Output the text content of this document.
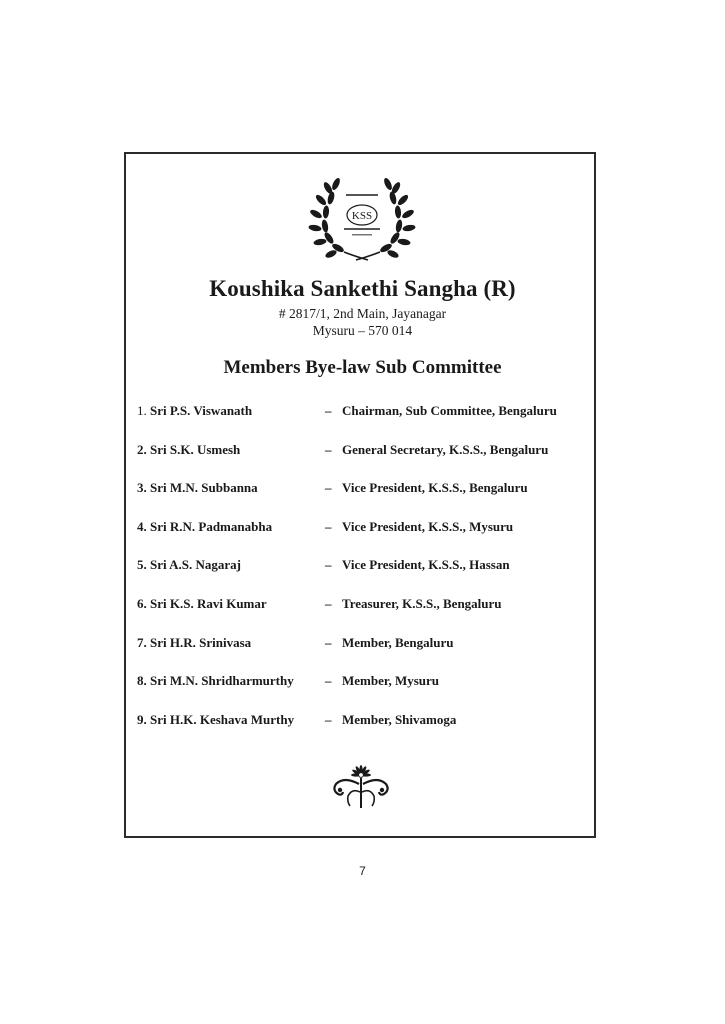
KSS
Koushika Sankethi Sangha (R)
# 2817/1, 2nd Main, Jayanagar
Mysuru – 570 014
Members Bye-law Sub Committee
1. Sri P.S. Viswanath	– Chairman, Sub Committee, Bengaluru
2. Sri S.K. Usmesh	– General Secretary, K.S.S., Bengaluru
3. Sri M.N. Subbanna	– Vice President, K.S.S., Bengaluru
4. Sri R.N. Padmanabha	– Vice President, K.S.S., Mysuru
5. Sri A.S. Nagaraj	– Vice President, K.S.S., Hassan
6. Sri K.S. Ravi Kumar	– Treasurer, K.S.S., Bengaluru
7. Sri H.R. Srinivasa	– Member, Bengaluru
8. Sri M.N. Shridharmurthy – Member, Mysuru
9. Sri H.K. Keshava Murthy – Member, Shivamoga
7
